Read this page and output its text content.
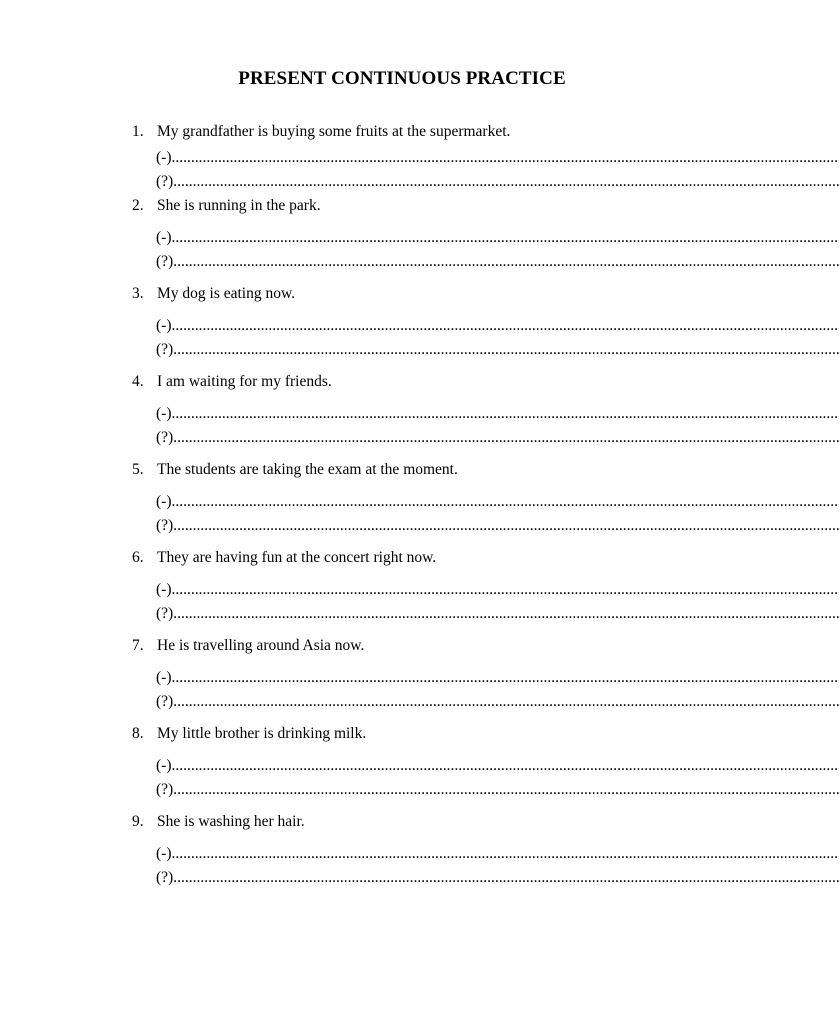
PRESENT CONTINUOUS PRACTICE
1. My grandfather is buying some fruits at the supermarket.
(-)............................................................................................................................................................................
(?)............................................................................................................................................................................
2. She is running in the park.
(-)............................................................................................................................................................................
(?)............................................................................................................................................................................
3. My dog is eating now.
(-)............................................................................................................................................................................
(?)............................................................................................................................................................................
4. I am waiting for my friends.
(-)............................................................................................................................................................................
(?)............................................................................................................................................................................
5. The students are taking the exam at the moment.
(-)............................................................................................................................................................................
(?)............................................................................................................................................................................
6. They are having fun at the concert right now.
(-)............................................................................................................................................................................
(?)............................................................................................................................................................................
7. He is travelling around Asia now.
(-)............................................................................................................................................................................
(?)............................................................................................................................................................................
8. My little brother is drinking milk.
(-)............................................................................................................................................................................
(?)............................................................................................................................................................................
9. She is washing her hair.
(-)............................................................................................................................................................................
(?)............................................................................................................................................................................
